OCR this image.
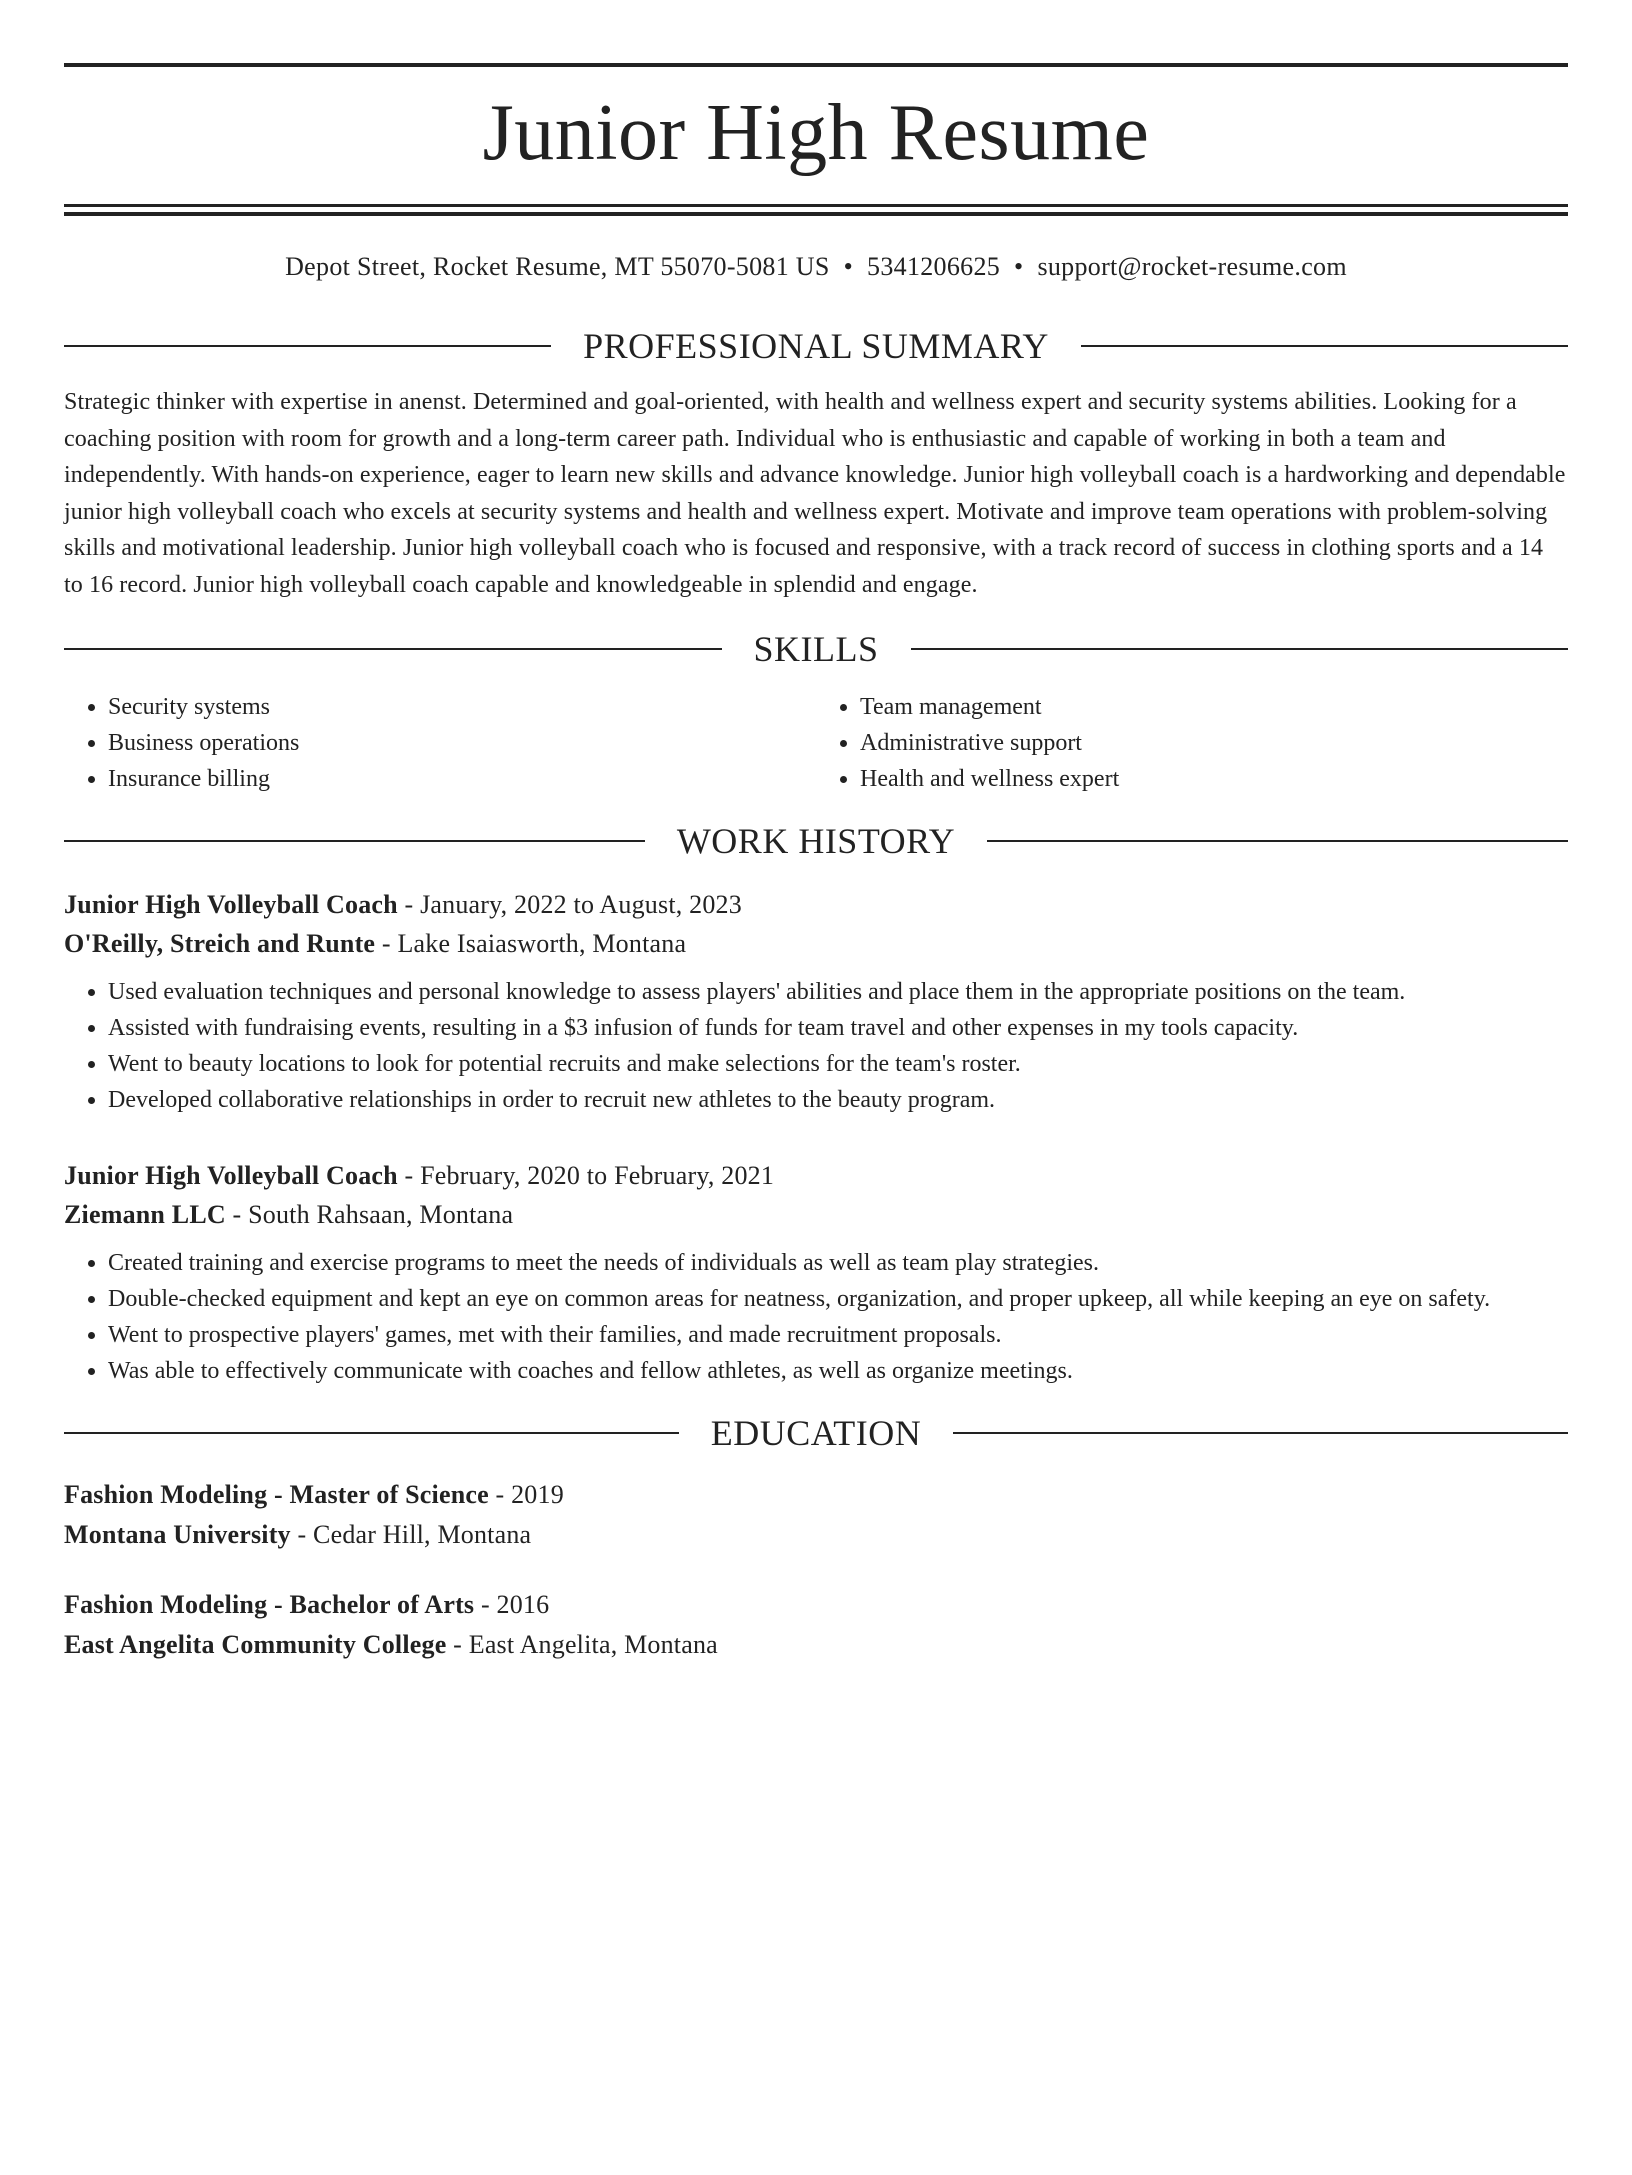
Junior High Resume
Depot Street, Rocket Resume, MT 55070-5081 US • 5341206625 • support@rocket-resume.com
PROFESSIONAL SUMMARY
Strategic thinker with expertise in anenst. Determined and goal-oriented, with health and wellness expert and security systems abilities. Looking for a coaching position with room for growth and a long-term career path. Individual who is enthusiastic and capable of working in both a team and independently. With hands-on experience, eager to learn new skills and advance knowledge. Junior high volleyball coach is a hardworking and dependable junior high volleyball coach who excels at security systems and health and wellness expert. Motivate and improve team operations with problem-solving skills and motivational leadership. Junior high volleyball coach who is focused and responsive, with a track record of success in clothing sports and a 14 to 16 record. Junior high volleyball coach capable and knowledgeable in splendid and engage.
SKILLS
• Security systems
• Business operations
• Insurance billing
• Team management
• Administrative support
• Health and wellness expert
WORK HISTORY
Junior High Volleyball Coach - January, 2022 to August, 2023
O'Reilly, Streich and Runte - Lake Isaiasworth, Montana
• Used evaluation techniques and personal knowledge to assess players' abilities and place them in the appropriate positions on the team.
• Assisted with fundraising events, resulting in a $3 infusion of funds for team travel and other expenses in my tools capacity.
• Went to beauty locations to look for potential recruits and make selections for the team's roster.
• Developed collaborative relationships in order to recruit new athletes to the beauty program.
Junior High Volleyball Coach - February, 2020 to February, 2021
Ziemann LLC - South Rahsaan, Montana
• Created training and exercise programs to meet the needs of individuals as well as team play strategies.
• Double-checked equipment and kept an eye on common areas for neatness, organization, and proper upkeep, all while keeping an eye on safety.
• Went to prospective players' games, met with their families, and made recruitment proposals.
• Was able to effectively communicate with coaches and fellow athletes, as well as organize meetings.
EDUCATION
Fashion Modeling - Master of Science - 2019
Montana University - Cedar Hill, Montana
Fashion Modeling - Bachelor of Arts - 2016
East Angelita Community College - East Angelita, Montana
